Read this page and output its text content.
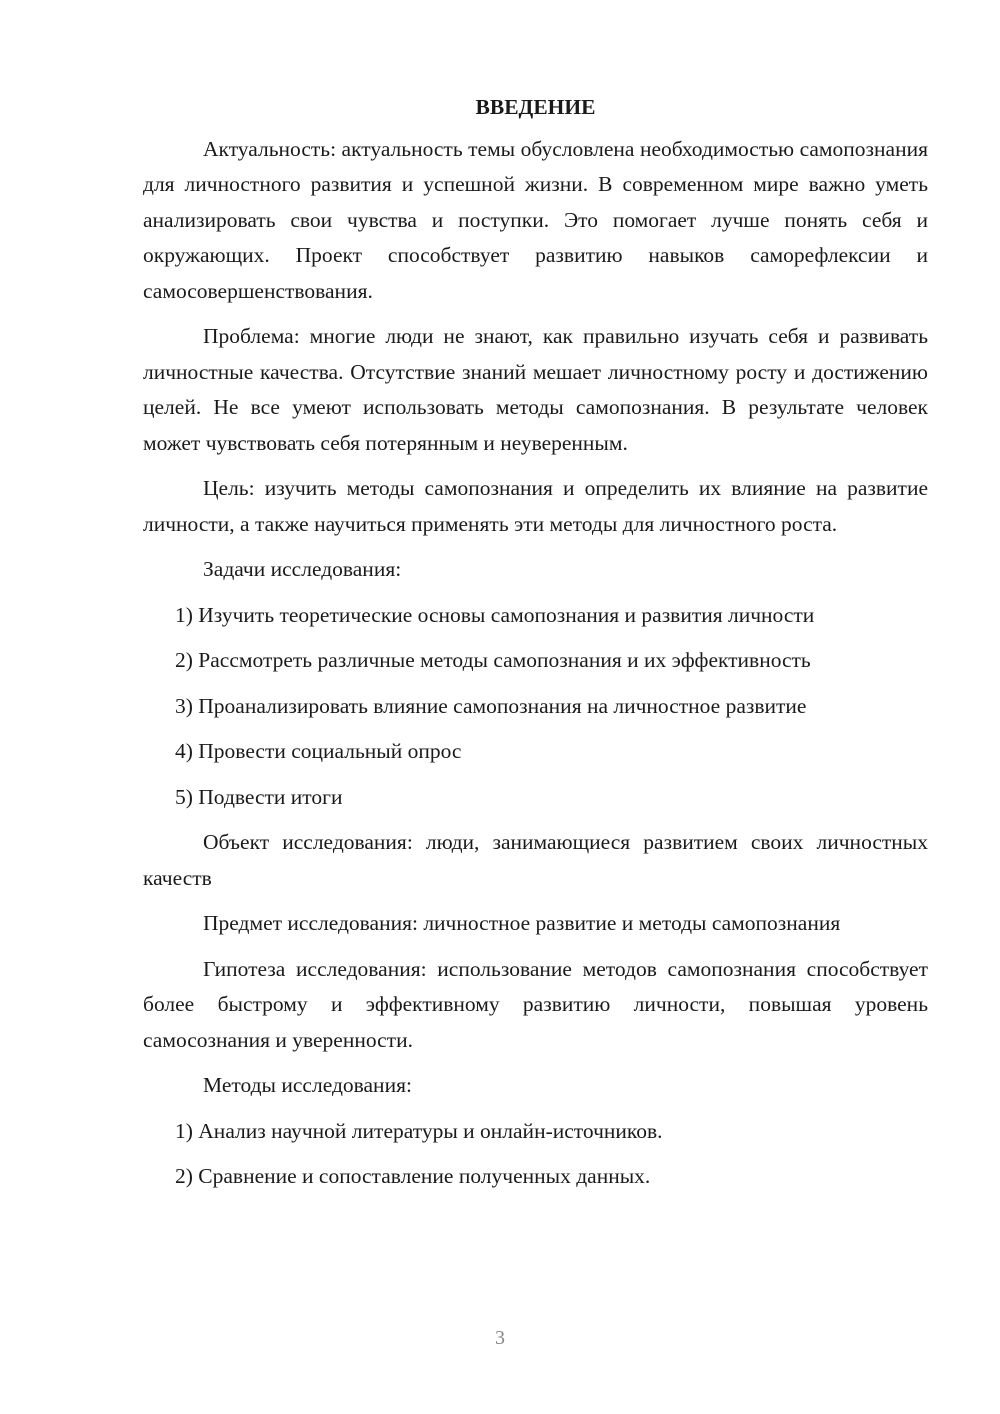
ВВЕДЕНИЕ

Актуальность: актуальность темы обусловлена необходимостью самопознания для личностного развития и успешной жизни. В современном мире важно уметь анализировать свои чувства и поступки. Это помогает лучше понять себя и окружающих. Проект способствует развитию навыков саморефлексии и самосовершенствования.

Проблема: многие люди не знают, как правильно изучать себя и развивать личностные качества. Отсутствие знаний мешает личностному росту и достижению целей. Не все умеют использовать методы самопознания. В результате человек может чувствовать себя потерянным и неуверенным.

Цель: изучить методы самопознания и определить их влияние на развитие личности, а также научиться применять эти методы для личностного роста.

Задачи исследования:

1) Изучить теоретические основы самопознания и развития личности
2) Рассмотреть различные методы самопознания и их эффективность
3) Проанализировать влияние самопознания на личностное развитие
4) Провести социальный опрос
5) Подвести итоги

Объект исследования: люди, занимающиеся развитием своих личностных качеств

Предмет исследования: личностное развитие и методы самопознания

Гипотеза исследования: использование методов самопознания способствует более быстрому и эффективному развитию личности, повышая уровень самосознания и уверенности.

Методы исследования:

1) Анализ научной литературы и онлайн-источников.
2) Сравнение и сопоставление полученных данных.
3
